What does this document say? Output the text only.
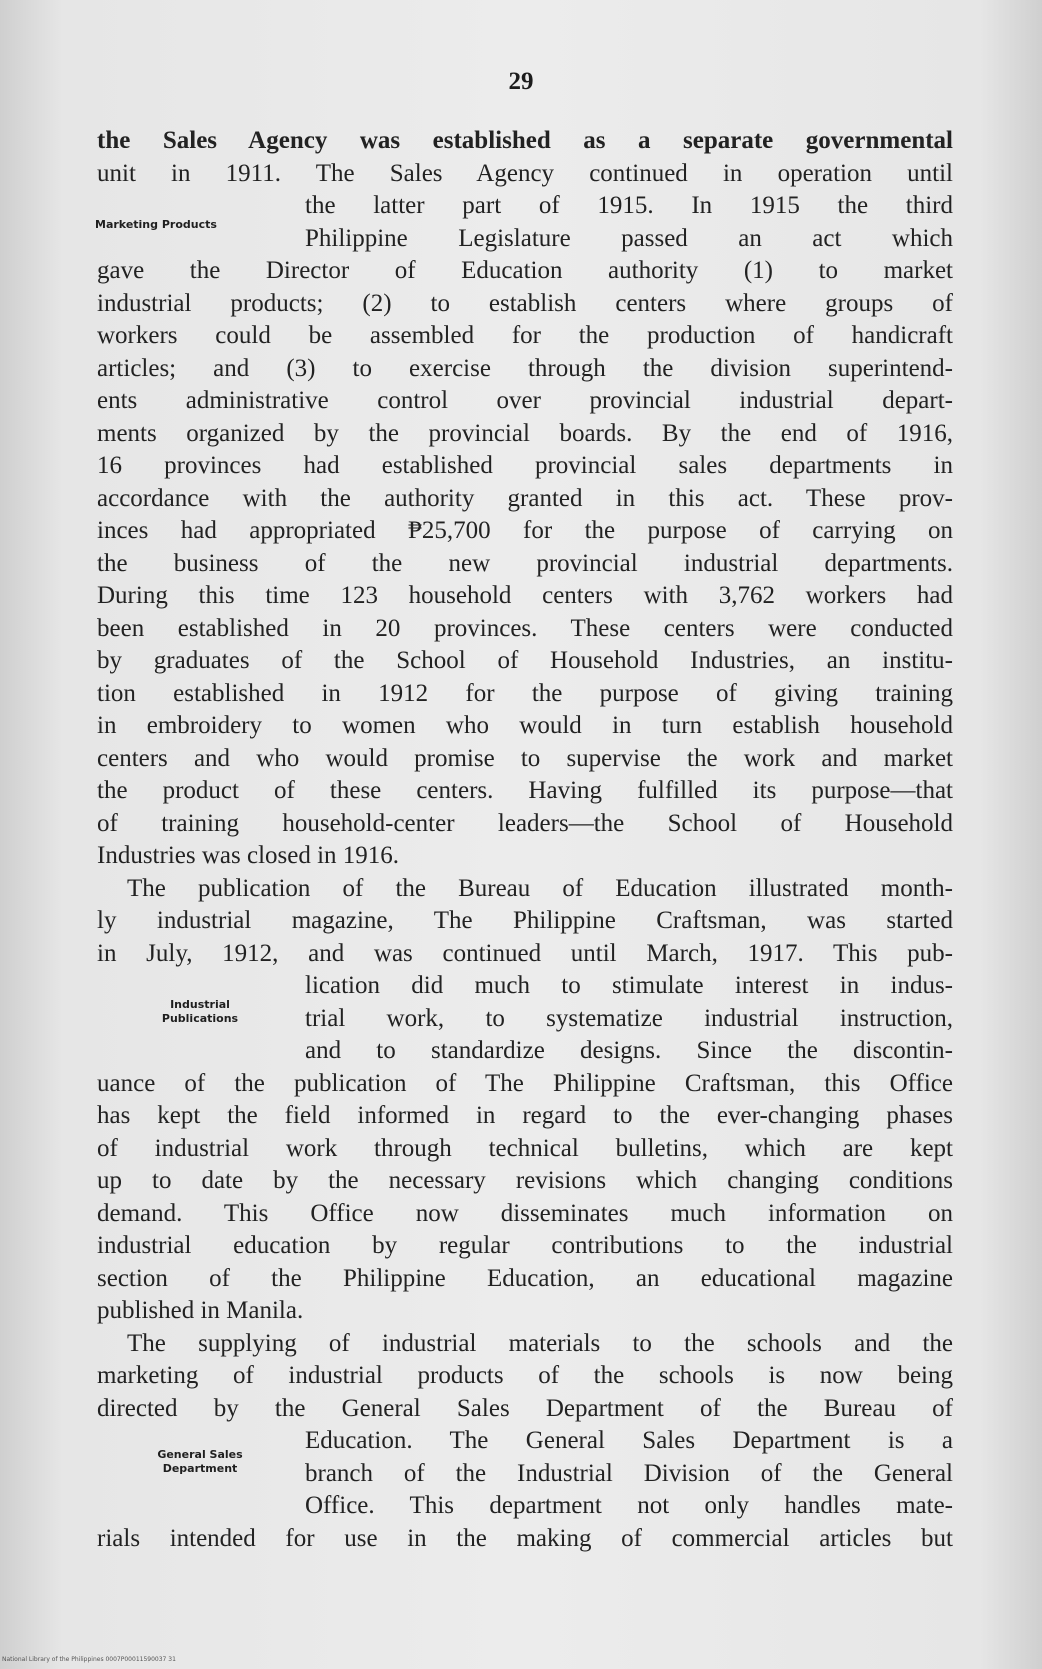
29
Marketing Products
Industrial
Publications
General Sales
Department
the Sales Agency was established as a separate governmental
unit in 1911. The Sales Agency continued in operation until
the latter part of 1915. In 1915 the third
Philippine Legislature passed an act which
gave the Director of Education authority (1) to market
industrial products; (2) to establish centers where groups of
workers could be assembled for the production of handicraft
articles; and (3) to exercise through the division superintend-
ents administrative control over provincial industrial depart-
ments organized by the provincial boards. By the end of 1916,
16 provinces had established provincial sales departments in
accordance with the authority granted in this act. These prov-
inces had appropriated ₱25,700 for the purpose of carrying on
the business of the new provincial industrial departments.
During this time 123 household centers with 3,762 workers had
been established in 20 provinces. These centers were conducted
by graduates of the School of Household Industries, an institu-
tion established in 1912 for the purpose of giving training
in embroidery to women who would in turn establish household
centers and who would promise to supervise the work and market
the product of these centers. Having fulfilled its purpose—that
of training household-center leaders—the School of Household
Industries was closed in 1916.
The publication of the Bureau of Education illustrated month-
ly industrial magazine, The Philippine Craftsman, was started
in July, 1912, and was continued until March, 1917. This pub-
lication did much to stimulate interest in indus-
trial work, to systematize industrial instruction,
and to standardize designs. Since the discontin-
uance of the publication of The Philippine Craftsman, this Office
has kept the field informed in regard to the ever-changing phases
of industrial work through technical bulletins, which are kept
up to date by the necessary revisions which changing conditions
demand. This Office now disseminates much information on
industrial education by regular contributions to the industrial
section of the Philippine Education, an educational magazine
published in Manila.
The supplying of industrial materials to the schools and the
marketing of industrial products of the schools is now being
directed by the General Sales Department of the Bureau of
Education. The General Sales Department is a
branch of the Industrial Division of the General
Office. This department not only handles mate-
rials intended for use in the making of commercial articles but
National Library of the Philippines 0007P00011590037 31
